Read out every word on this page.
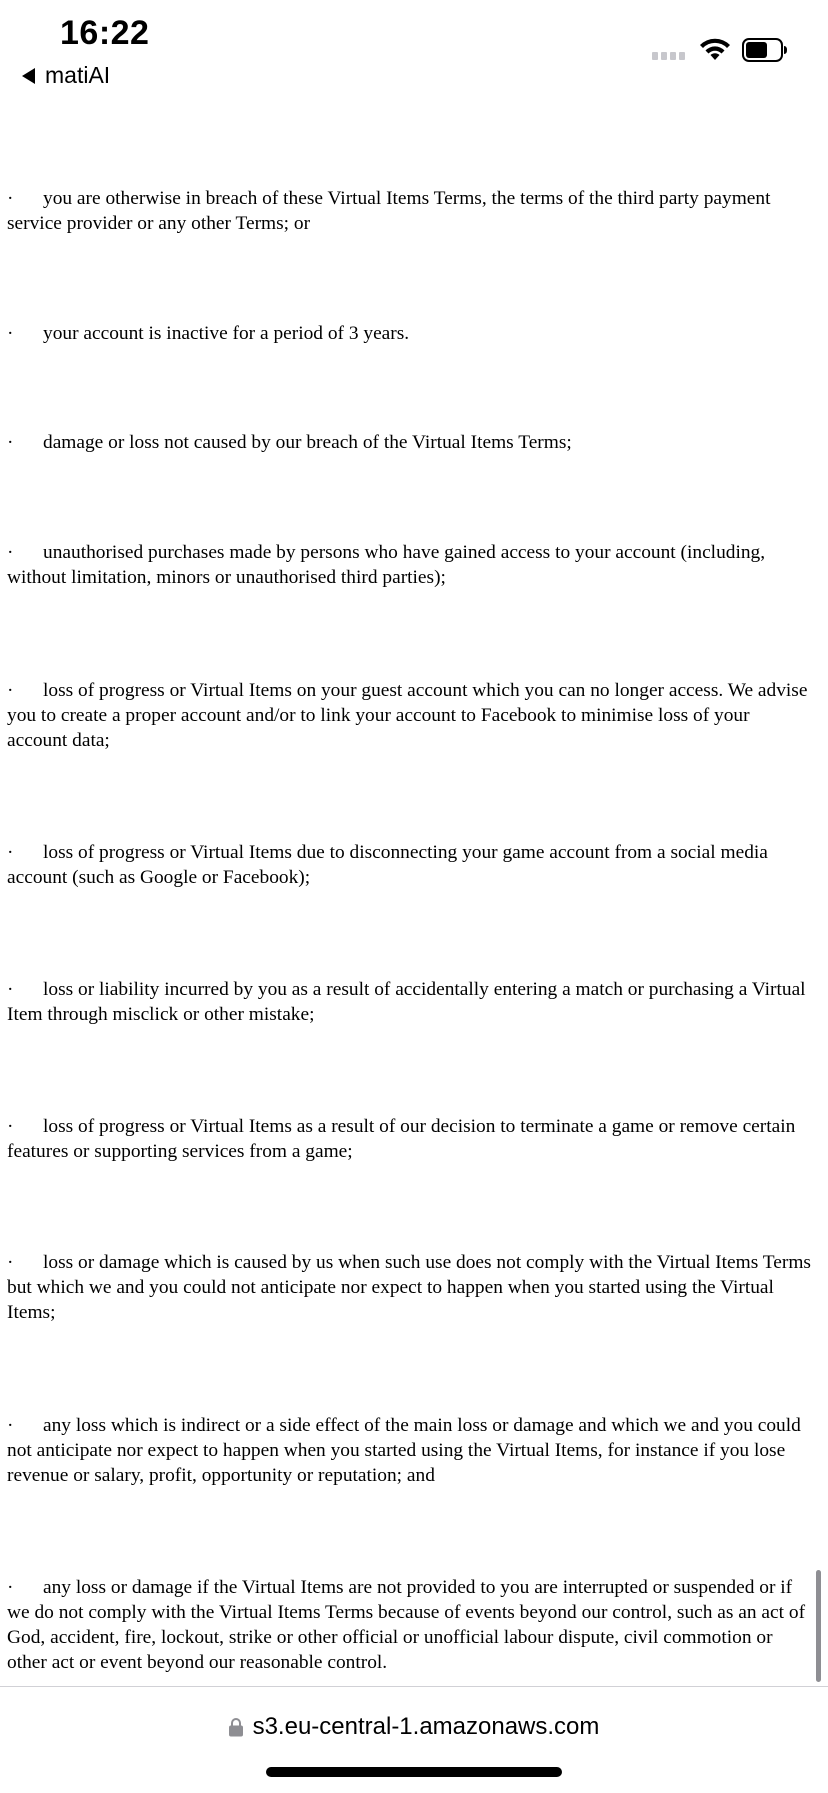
16:22
matiAI

· you are otherwise in breach of these Virtual Items Terms, the terms of the third party payment service provider or any other Terms; or

· your account is inactive for a period of 3 years.

· damage or loss not caused by our breach of the Virtual Items Terms;

· unauthorised purchases made by persons who have gained access to your account (including, without limitation, minors or unauthorised third parties);

· loss of progress or Virtual Items on your guest account which you can no longer access. We advise you to create a proper account and/or to link your account to Facebook to minimise loss of your account data;

· loss of progress or Virtual Items due to disconnecting your game account from a social media account (such as Google or Facebook);

· loss or liability incurred by you as a result of accidentally entering a match or purchasing a Virtual Item through misclick or other mistake;

· loss of progress or Virtual Items as a result of our decision to terminate a game or remove certain features or supporting services from a game;

· loss or damage which is caused by us when such use does not comply with the Virtual Items Terms but which we and you could not anticipate nor expect to happen when you started using the Virtual Items;

· any loss which is indirect or a side effect of the main loss or damage and which we and you could not anticipate nor expect to happen when you started using the Virtual Items, for instance if you lose revenue or salary, profit, opportunity or reputation; and

· any loss or damage if the Virtual Items are not provided to you are interrupted or suspended or if we do not comply with the Virtual Items Terms because of events beyond our control, such as an act of God, accident, fire, lockout, strike or other official or unofficial labour dispute, civil commotion or other act or event beyond our reasonable control.

s3.eu-central-1.amazonaws.com
